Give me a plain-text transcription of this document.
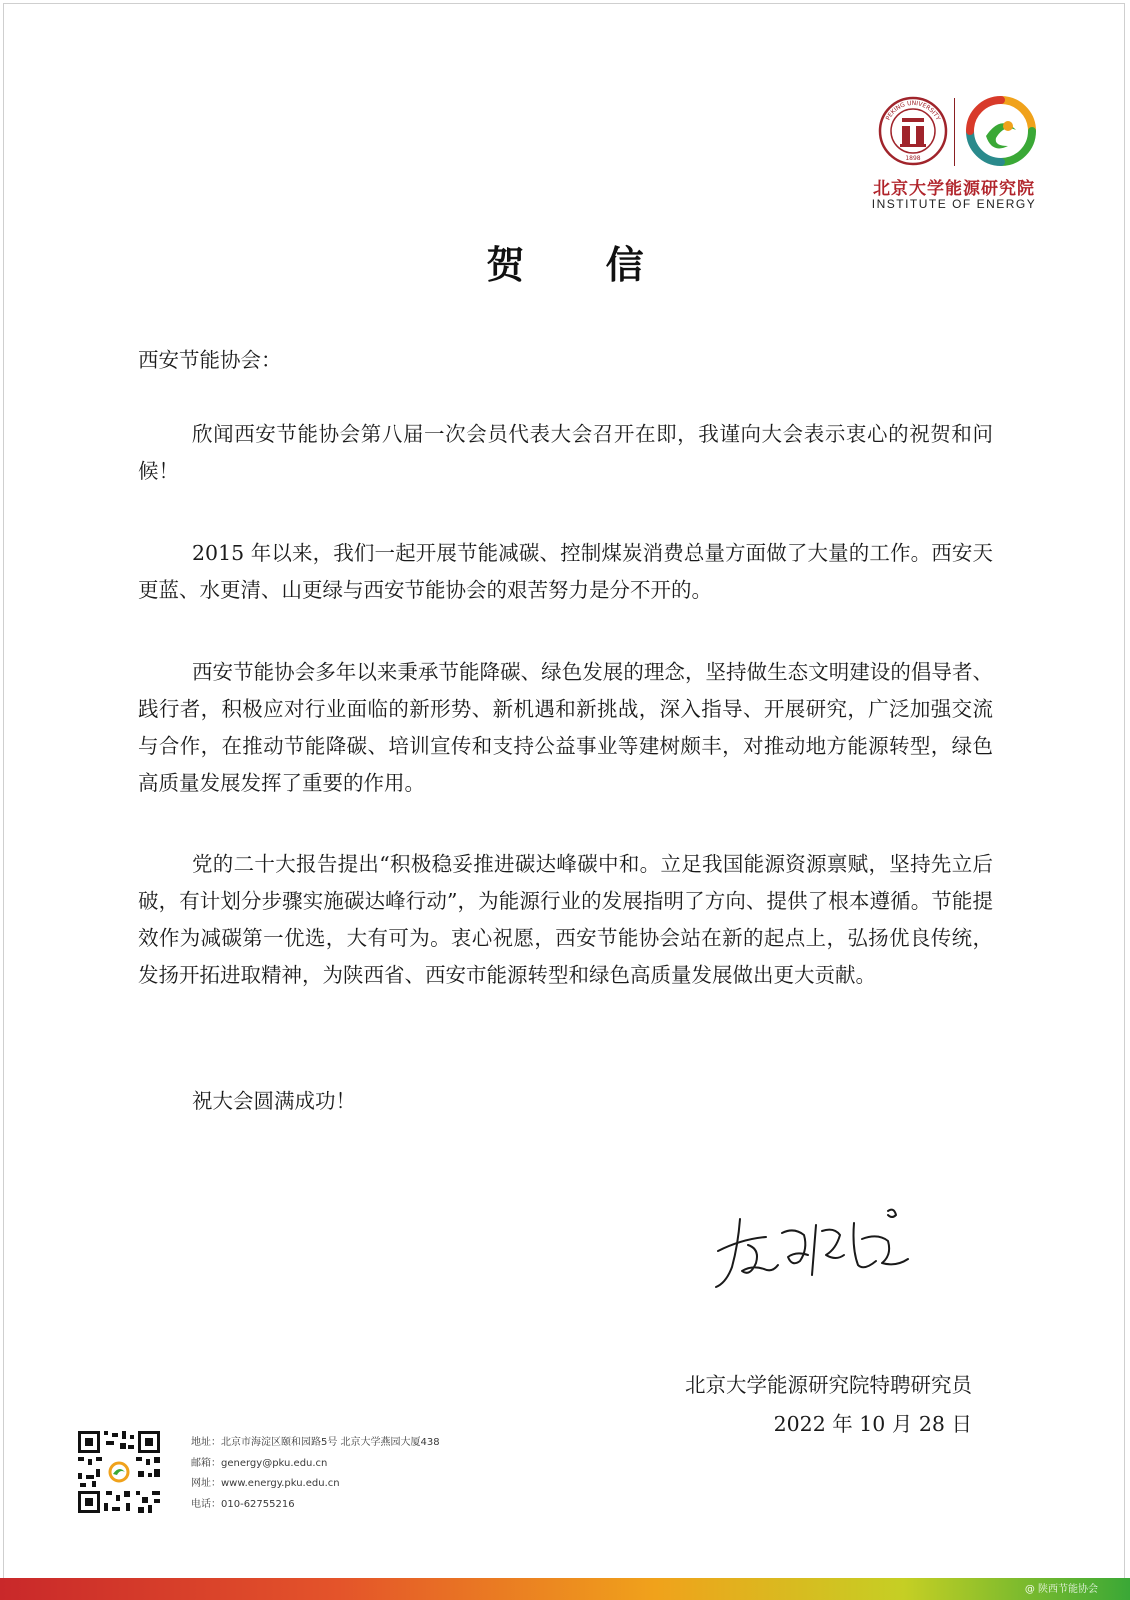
PEKING UNIVERSITY
1898
北京大学能源研究院
INSTITUTE OF ENERGY
贺 信
西安节能协会：

欣闻西安节能协会第八届一次会员代表大会召开在即，我谨向大会表示衷心的祝贺和问候！

2015 年以来，我们一起开展节能减碳、控制煤炭消费总量方面做了大量的工作。西安天更蓝、水更清、山更绿与西安节能协会的艰苦努力是分不开的。

西安节能协会多年以来秉承节能降碳、绿色发展的理念，坚持做生态文明建设的倡导者、践行者，积极应对行业面临的新形势、新机遇和新挑战，深入指导、开展研究，广泛加强交流与合作，在推动节能降碳、培训宣传和支持公益事业等建树颇丰，对推动地方能源转型，绿色高质量发展发挥了重要的作用。

党的二十大报告提出“积极稳妥推进碳达峰碳中和。立足我国能源资源禀赋，坚持先立后破，有计划分步骤实施碳达峰行动”，为能源行业的发展指明了方向、提供了根本遵循。节能提效作为减碳第一优选，大有可为。衷心祝愿，西安节能协会站在新的起点上，弘扬优良传统，发扬开拓进取精神，为陕西省、西安市能源转型和绿色高质量发展做出更大贡献。

祝大会圆满成功！
北京大学能源研究院特聘研究员
2022 年 10 月 28 日
地址：北京市海淀区颐和园路5号 北京大学燕园大厦438
邮箱：genergy@pku.edu.cn
网址：www.energy.pku.edu.cn
电话：010-62755216
@ 陕西节能协会
